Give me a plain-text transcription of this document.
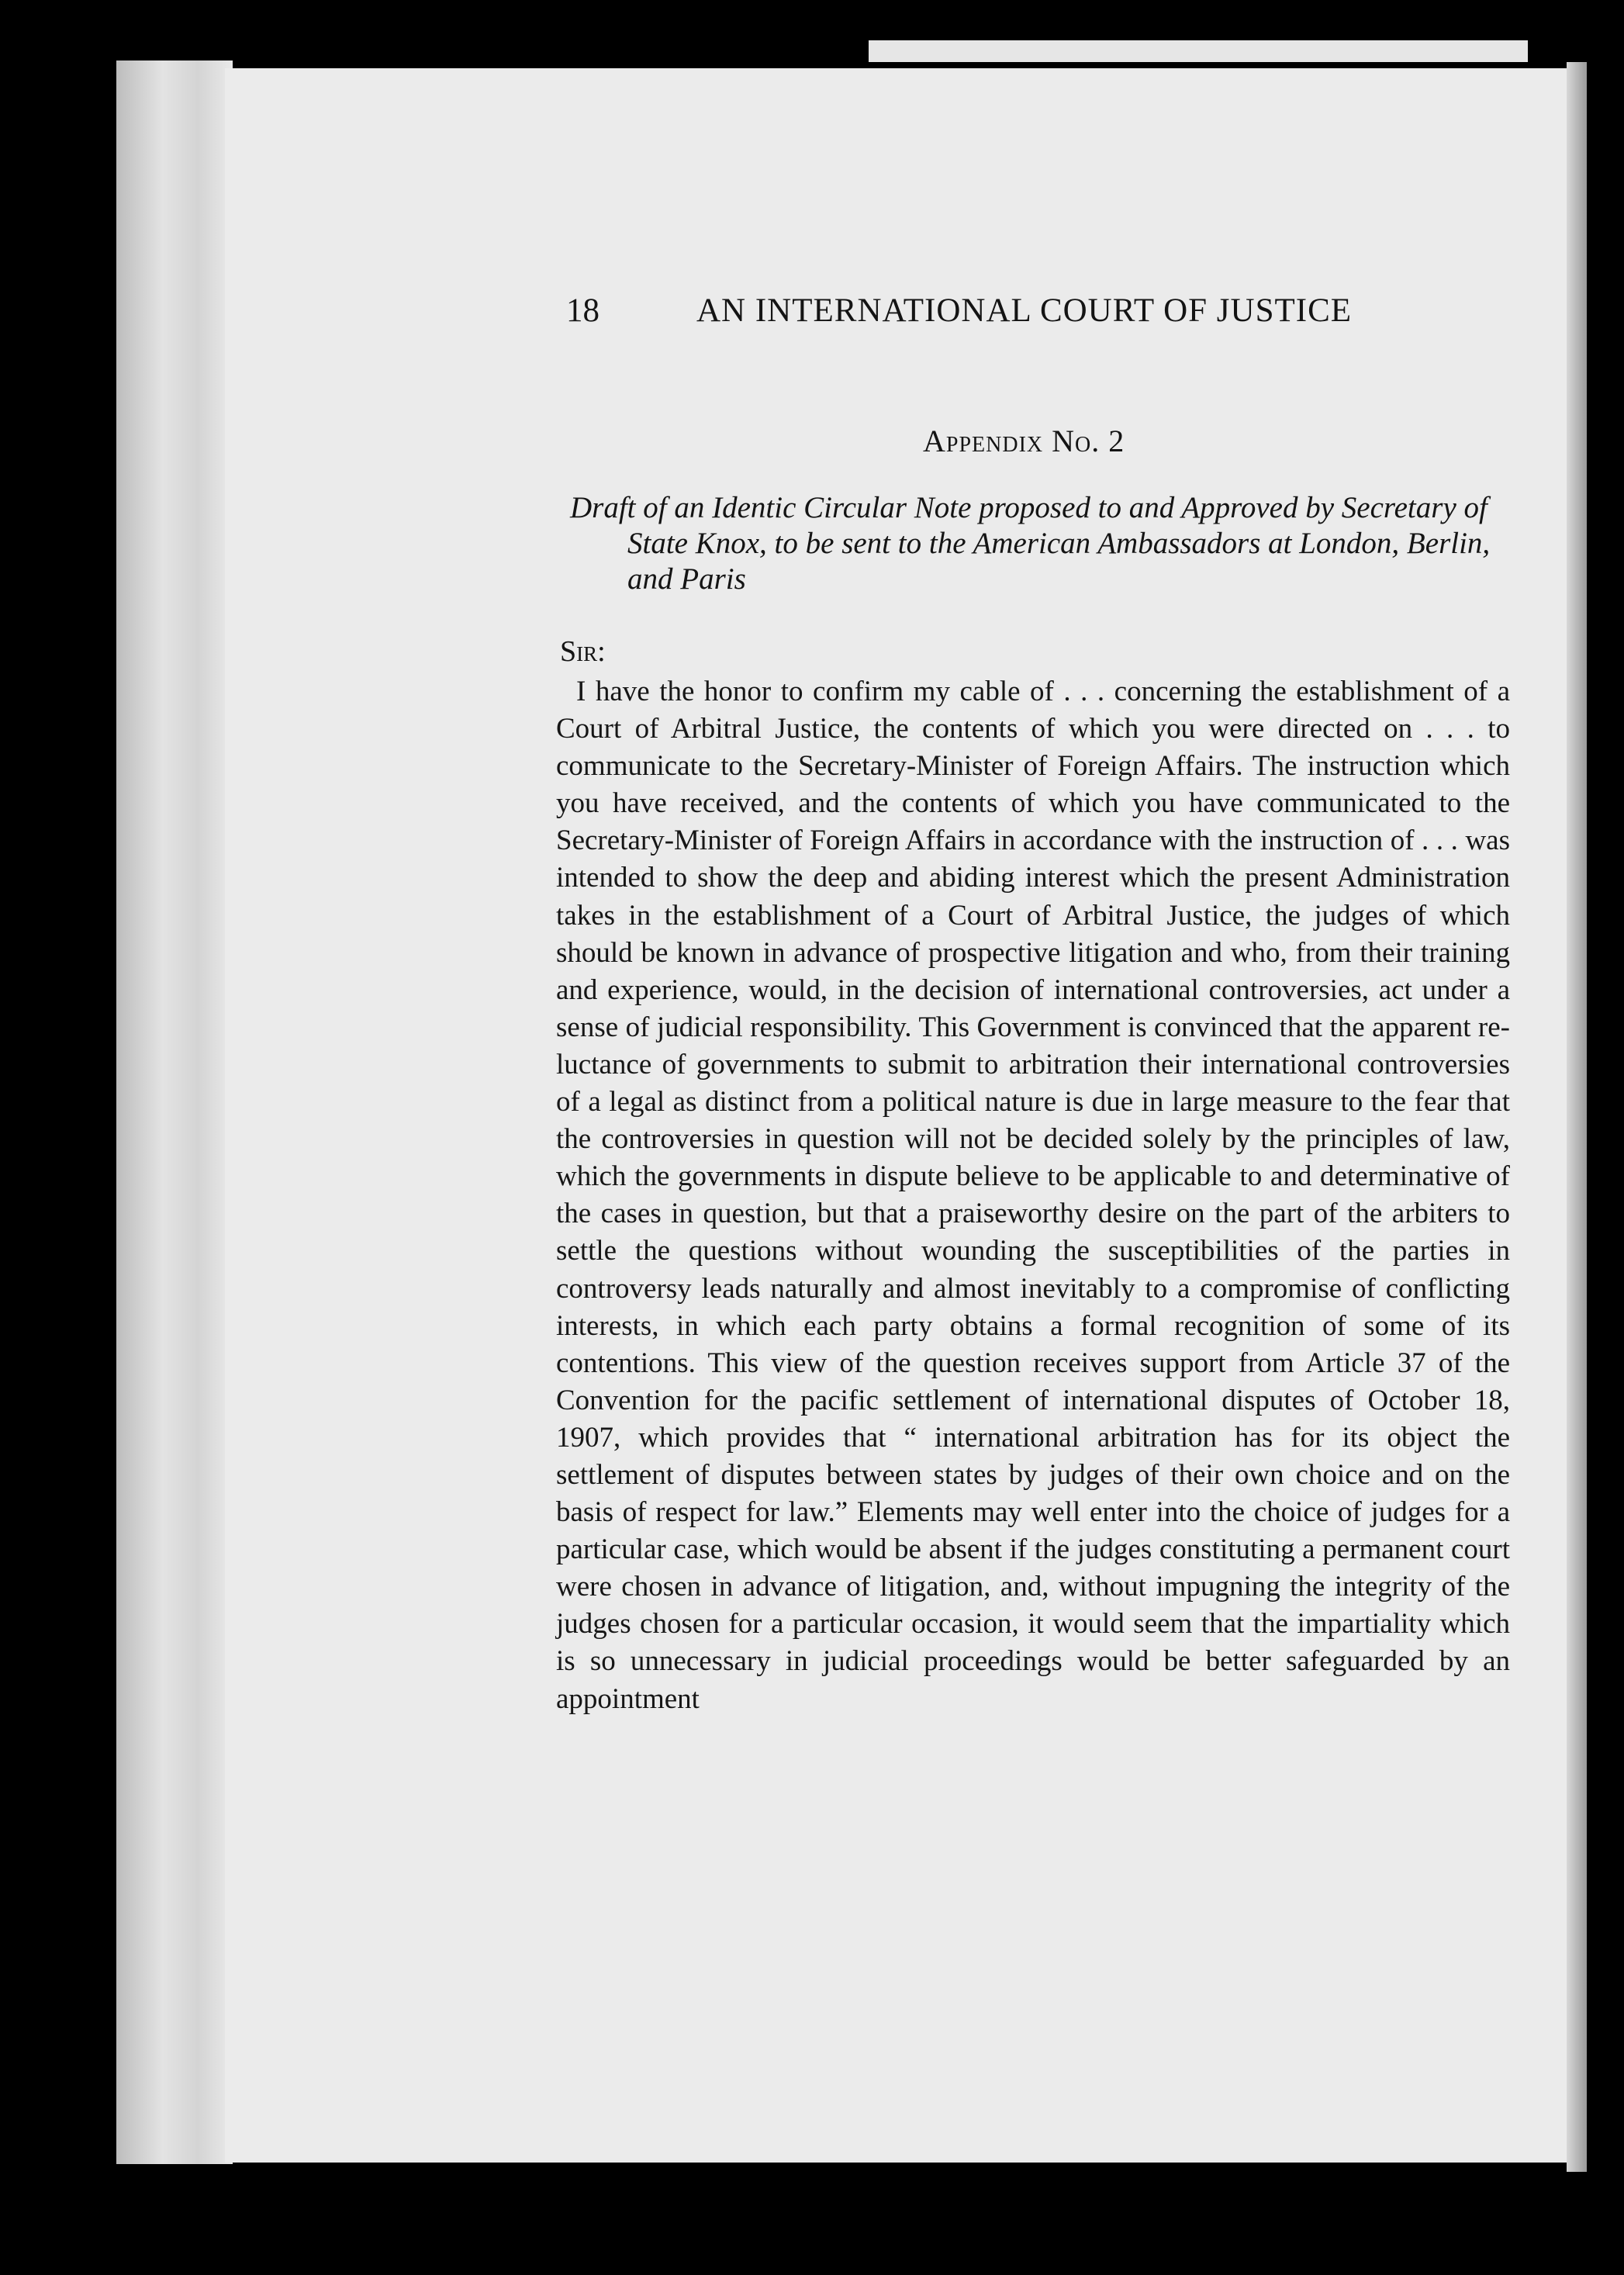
18	AN INTERNATIONAL COURT OF JUSTICE
Appendix No. 2

Draft of an Identic Circular Note proposed to and Approved by Secretary of State Knox, to be sent to the American Ambassadors at London, Berlin, and Paris

Sir:

I have the honor to confirm my cable of . . . concerning the establishment of a Court of Arbitral Justice, the contents of which you were directed on . . . to communicate to the Secretary-Minister of Foreign Affairs. The instruction which you have received, and the contents of which you have communicated to the Secretary-Minister of Foreign Affairs in accordance with the instruction of . . . was intended to show the deep and abiding interest which the present Administration takes in the establishment of a Court of Arbitral Justice, the judges of which should be known in advance of prospective litigation and who, from their training and experience, would, in the decision of international controversies, act under a sense of judicial responsibility. This Government is convinced that the apparent reluctance of governments to submit to arbitration their international controversies of a legal as distinct from a political nature is due in large measure to the fear that the controversies in question will not be decided solely by the principles of law, which the governments in dispute believe to be applicable to and determinative of the cases in question, but that a praiseworthy desire on the part of the arbiters to settle the questions without wounding the susceptibilities of the parties in controversy leads naturally and almost inevitably to a compromise of conflicting interests, in which each party obtains a formal recognition of some of its contentions. This view of the question receives support from Article 37 of the Convention for the pacific settlement of international disputes of October 18, 1907, which provides that “ international arbitration has for its object the settlement of disputes between states by judges of their own choice and on the basis of respect for law.” Elements may well enter into the choice of judges for a particular case, which would be absent if the judges constituting a permanent court were chosen in advance of litigation, and, without impugning the integrity of the judges chosen for a particular occasion, it would seem that the impartiality which is so unnecessary in judicial proceedings would be better safeguarded by an appointment
